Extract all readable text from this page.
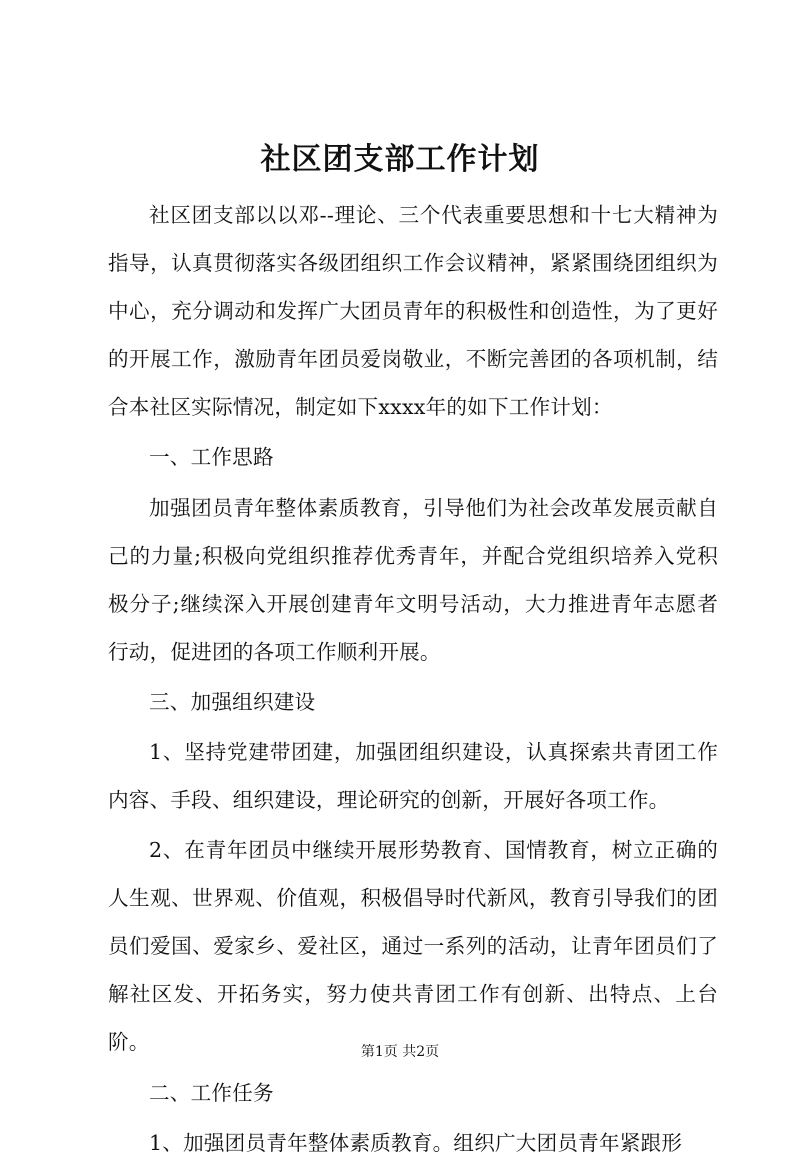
社区团支部工作计划

社区团支部以以邓--理论、三个代表重要思想和十七大精神为指导，认真贯彻落实各级团组织工作会议精神，紧紧围绕团组织为中心，充分调动和发挥广大团员青年的积极性和创造性，为了更好的开展工作，激励青年团员爱岗敬业，不断完善团的各项机制，结合本社区实际情况，制定如下xxxx年的如下工作计划：

一、工作思路

加强团员青年整体素质教育，引导他们为社会改革发展贡献自己的力量;积极向党组织推荐优秀青年，并配合党组织培养入党积极分子;继续深入开展创建青年文明号活动，大力推进青年志愿者行动，促进团的各项工作顺利开展。

三、加强组织建设

1、坚持党建带团建，加强团组织建设，认真探索共青团工作内容、手段、组织建设，理论研究的创新，开展好各项工作。

2、在青年团员中继续开展形势教育、国情教育，树立正确的人生观、世界观、价值观，积极倡导时代新风，教育引导我们的团员们爱国、爱家乡、爱社区，通过一系列的活动，让青年团员们了解社区发、开拓务实，努力使共青团工作有创新、出特点、上台阶。

二、工作任务

1、加强团员青年整体素质教育。组织广大团员青年紧跟形

第1页 共2页
